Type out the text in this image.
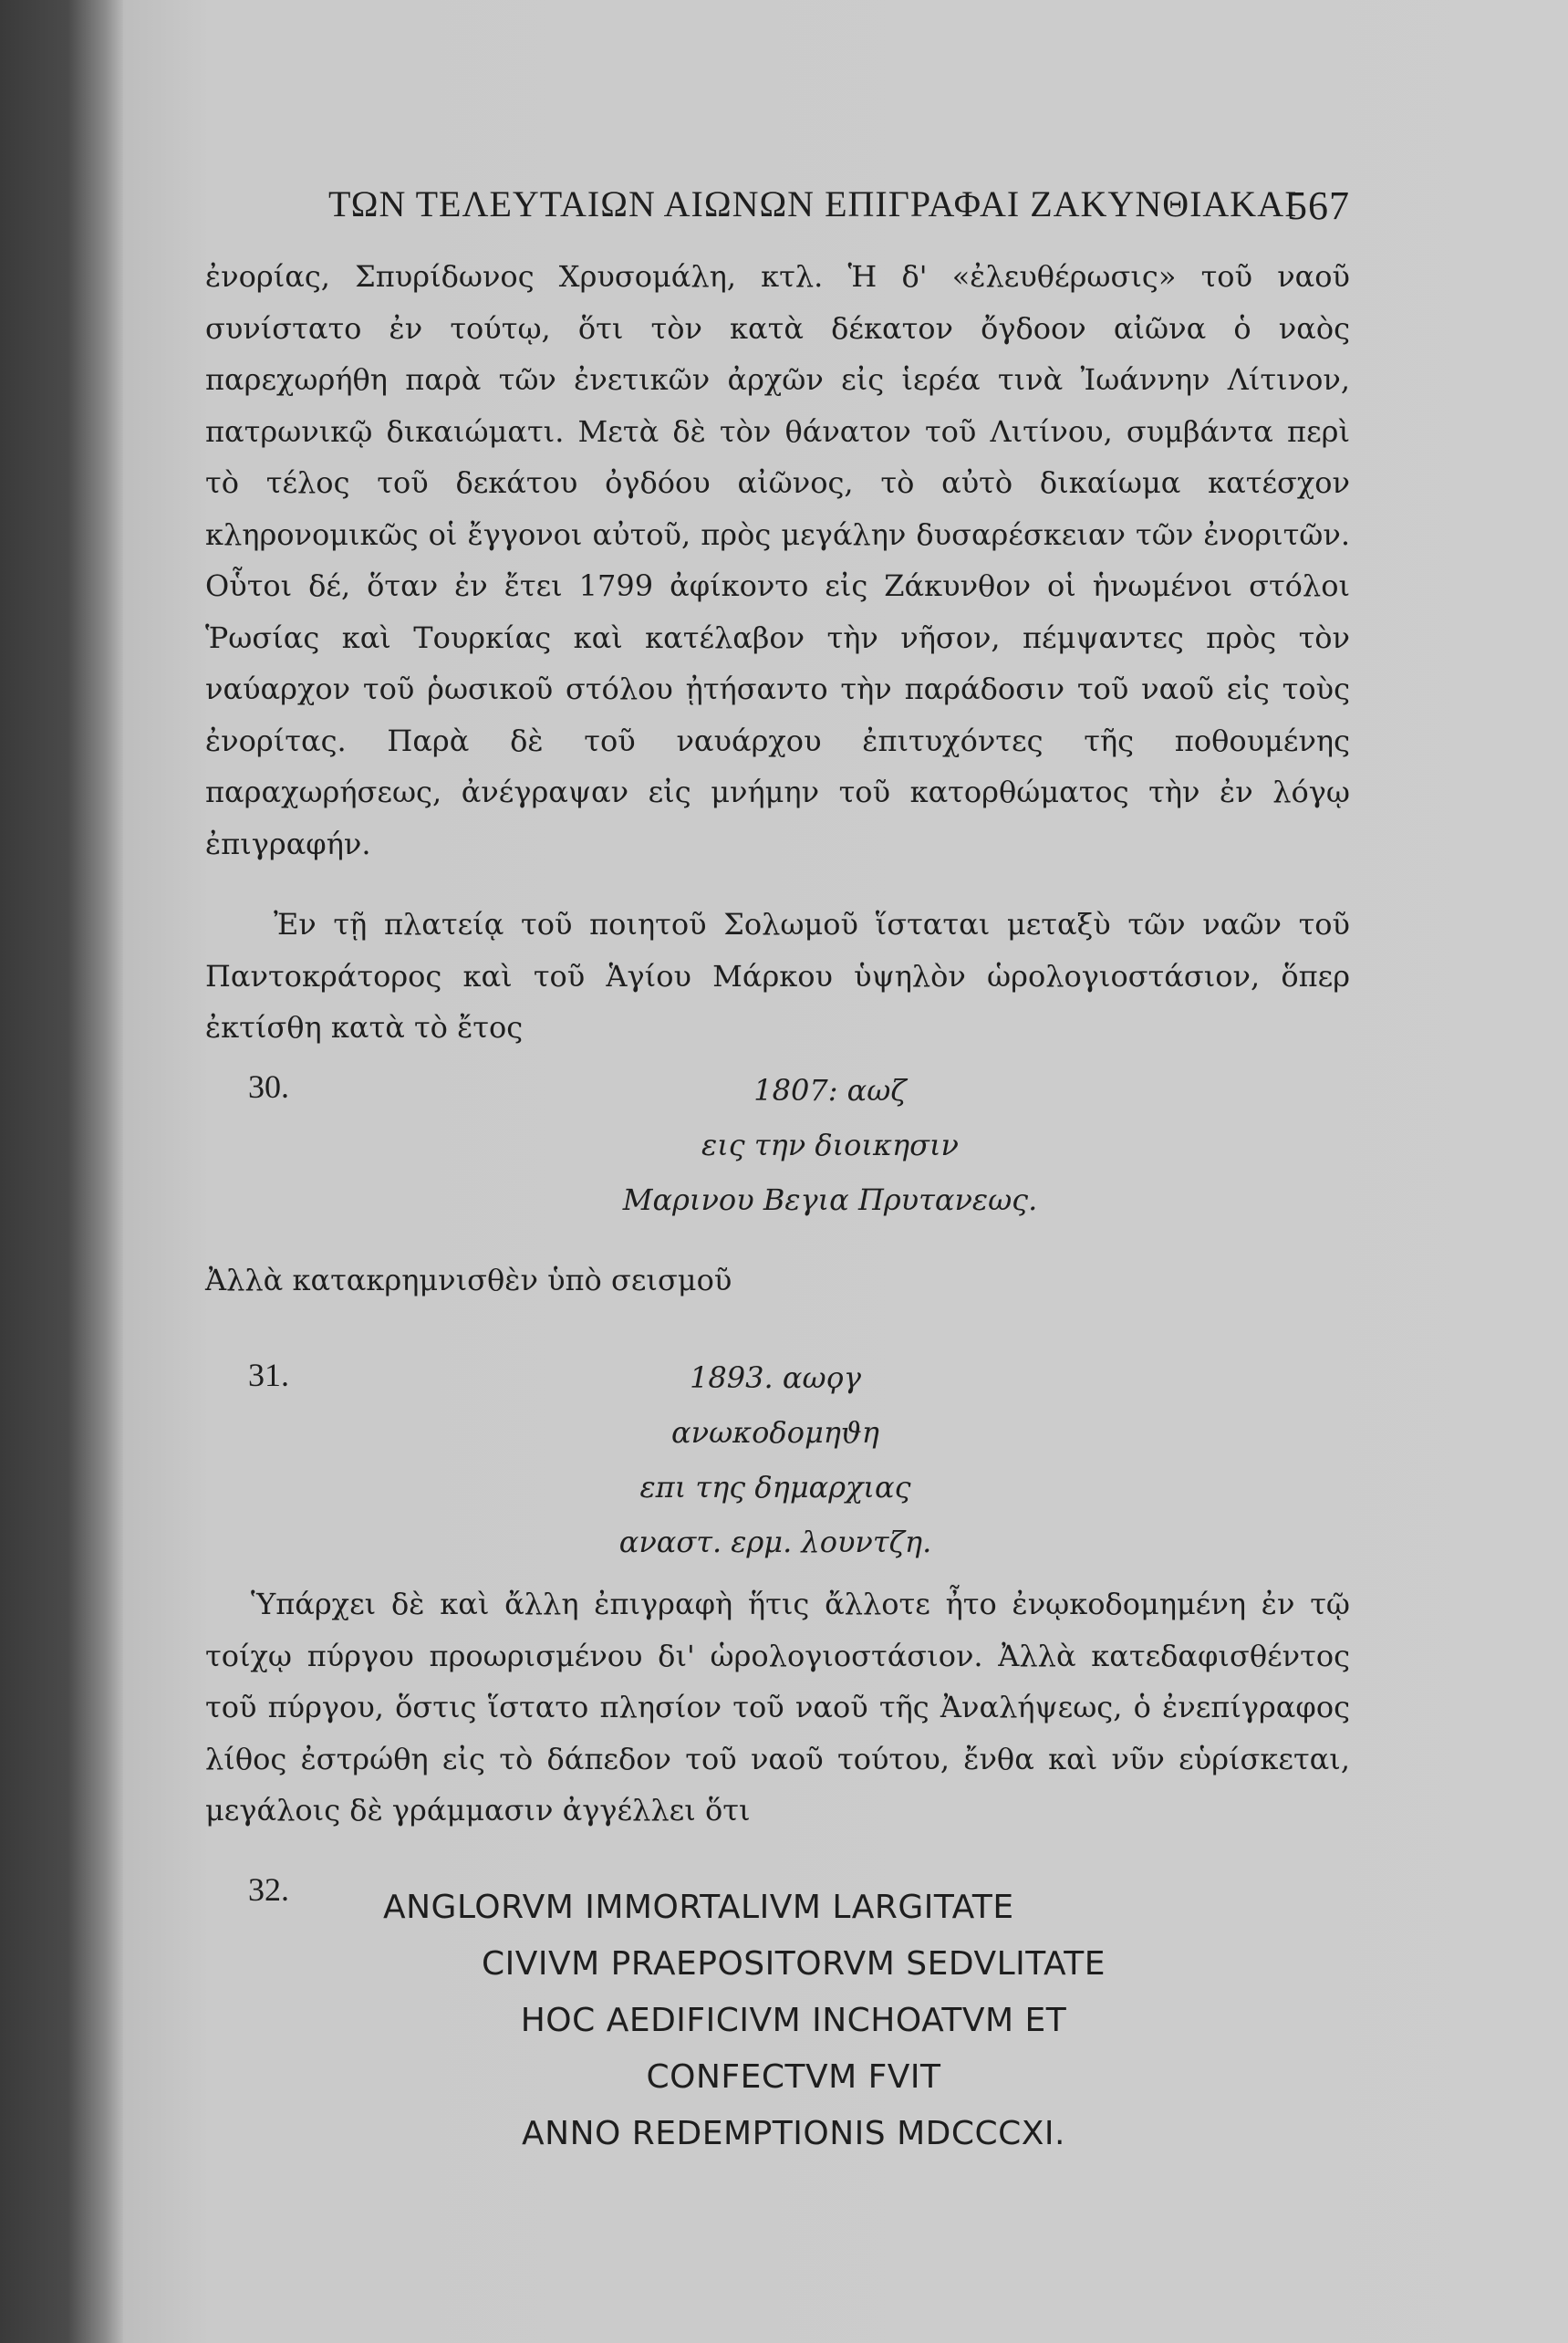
ΤΩΝ ΤΕΛΕΥΤΑΙΩΝ ΑΙΩΝΩΝ ΕΠΙΓΡΑΦΑΙ ΖΑΚΥΝΘΙΑΚΑΙ
567

ἐνορίας, Σπυρίδωνος Χρυσομάλη, κτλ. Ἡ δ' «ἐλευθέρωσις» τοῦ ναοῦ συνίστατο ἐν τούτῳ, ὅτι τὸν κατὰ δέκατον ὄγδοον αἰῶνα ὁ ναὸς παρεχωρήθη παρὰ τῶν ἐνετικῶν ἀρχῶν εἰς ἱερέα τινὰ Ἰωάννην Λίτινον, πατρωνικῷ δικαιώματι. Μετὰ δὲ τὸν θάνατον τοῦ Λιτίνου, συμβάντα περὶ τὸ τέλος τοῦ δεκάτου ὀγδόου αἰῶνος, τὸ αὐτὸ δικαίωμα κατέσχον κληρονομικῶς οἱ ἔγγονοι αὐτοῦ, πρὸς μεγάλην δυσαρέσκειαν τῶν ἐνοριτῶν. Οὗτοι δέ, ὅταν ἐν ἔτει 1799 ἀφίκοντο εἰς Ζάκυνθον οἱ ἡνωμένοι στόλοι Ῥωσίας καὶ Τουρκίας καὶ κατέλαβον τὴν νῆσον, πέμψαντες πρὸς τὸν ναύαρχον τοῦ ῥωσικοῦ στόλου ᾐτήσαντο τὴν παράδοσιν τοῦ ναοῦ εἰς τοὺς ἐνορίτας. Παρὰ δὲ τοῦ ναυάρχου ἐπιτυχόντες τῆς ποθουμένης παραχωρήσεως, ἀνέγραψαν εἰς μνήμην τοῦ κατορθώματος τὴν ἐν λόγῳ ἐπιγραφήν.

Ἐν τῇ πλατείᾳ τοῦ ποιητοῦ Σολωμοῦ ἵσταται μεταξὺ τῶν ναῶν τοῦ Παντοκράτορος καὶ τοῦ Ἁγίου Μάρκου ὑψηλὸν ὡρολογιοστάσιον, ὅπερ ἐκτίσθη κατὰ τὸ ἔτος

30.	1807: αωζ
εις την διοικησιν
Μαρινου Βεγια Πρυτανεως.

Ἀλλὰ κατακρημνισθὲν ὑπὸ σεισμοῦ

31.	1893. αωϙγ
ανωκοδομηϑη
επι της δημαρχιας
αναστ. ερμ. λουντζη.

Ὑπάρχει δὲ καὶ ἄλλη ἐπιγραφὴ ἥτις ἄλλοτε ἦτο ἐνῳκοδομημένη ἐν τῷ τοίχῳ πύργου προωρισμένου δι' ὡρολογιοστάσιον. Ἀλλὰ κατεδαφισθέντος τοῦ πύργου, ὅστις ἵστατο πλησίον τοῦ ναοῦ τῆς Ἀναλήψεως, ὁ ἐνεπίγραφος λίθος ἐστρώθη εἰς τὸ δάπεδον τοῦ ναοῦ τούτου, ἔνθα καὶ νῦν εὑρίσκεται, μεγάλοις δὲ γράμμασιν ἀγγέλλει ὅτι

32.	ANGLORVM IMMORTALIVM LARGITATE
CIVIVM PRAEPOSITORVM SEDVLITATE
HOC AEDIFICIVM INCHOATVM ET
CONFECTVM FVIT
ANNO REDEMPTIONIS MDCCCXI.
